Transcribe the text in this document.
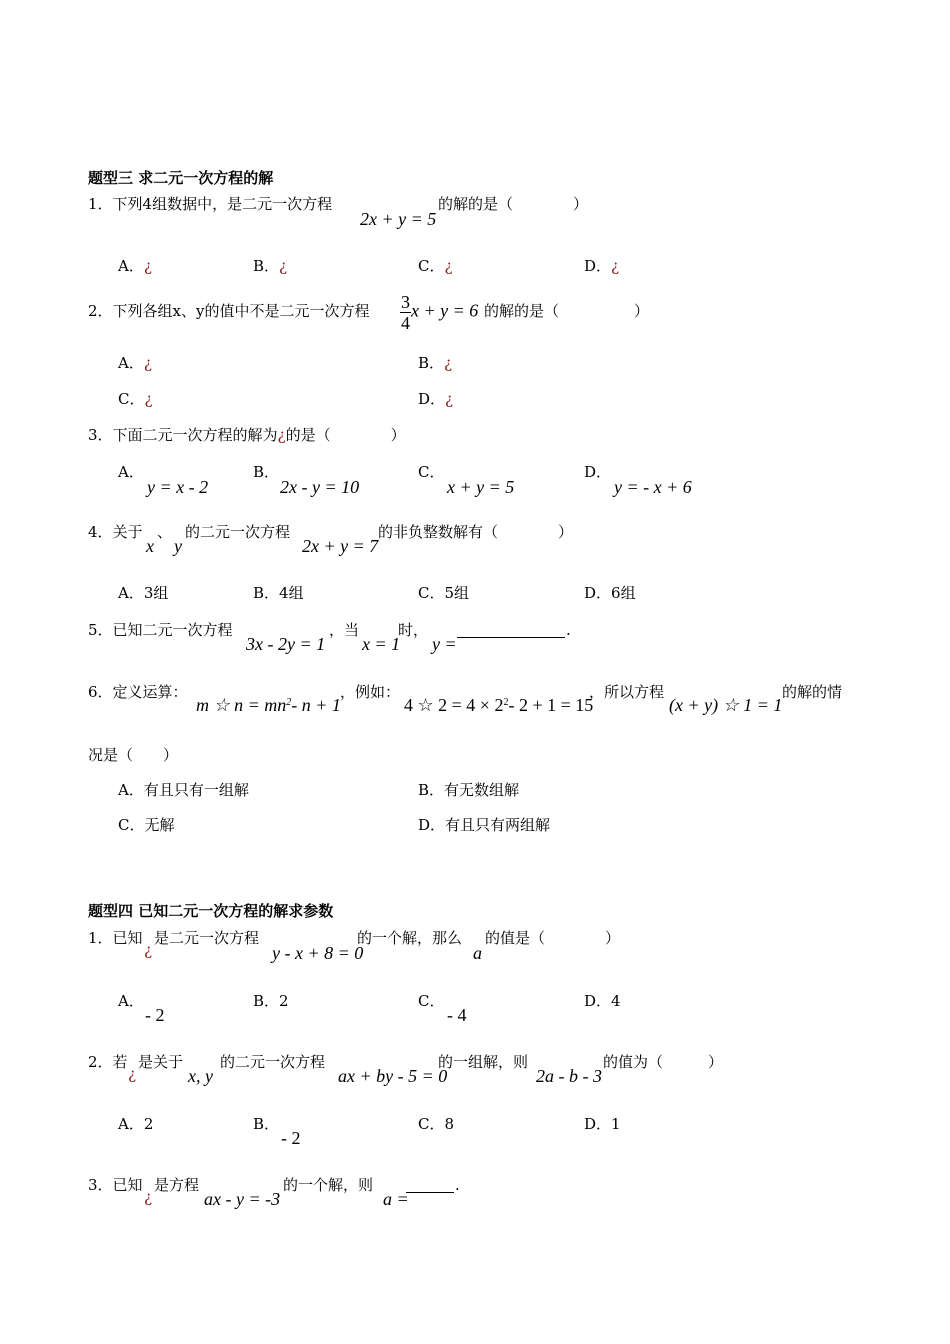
题型三 求二元一次方程的解
1．下列4组数据中，是二元一次方程
2x + y = 5
的解的是（　　　　）
A．¿	B．¿	C．¿	D．¿
2．下列各组x、y的值中不是二元一次方程 $\frac{3}{4}$ x + y = 6 的解的是（　　　　　）
A．¿	B．¿
C．¿	D．¿
3．下面二元一次方程的解为¿的是（　　　　）
A．
y = x - 2
B．
2x - y = 10
C．
x + y = 5
D．
y = - x + 6
4．关于
x
、
y
的二元一次方程
2x + y = 7
的非负整数解有（　　　　）
A．3组	B．4组	C．5组	D．6组
5．已知二元一次方程
3x - 2y = 1
，当
x = 1
时，
y =
.
6．定义运算：
m ☆ $n = mn^2-$ n + 1
，例如：
4 ☆ $2 = 4 \times 2^2-$ 2 + 1 = 15
，所以方程
(x + y) ☆ 1 = 1
的解的情
况是（　　）
A．有且只有一组解	B．有无数组解
C．无解	D．有且只有两组解
题型四 已知二元一次方程的解求参数
1．已知
¿
是二元一次方程
y - x + 8 = 0
的一个解，那么
a
的值是（　　　　）
A．
- 2
B．2	C．
- 4
D．4
2．若
¿
是关于
x, y
的二元一次方程
ax + by - 5 = 0
的一组解，则
2a - b - 3
的值为（　　　）
A．2	B．
- 2
C．8	D．1
3．已知
¿
是方程
ax - y = -3
的一个解，则
a =
.
